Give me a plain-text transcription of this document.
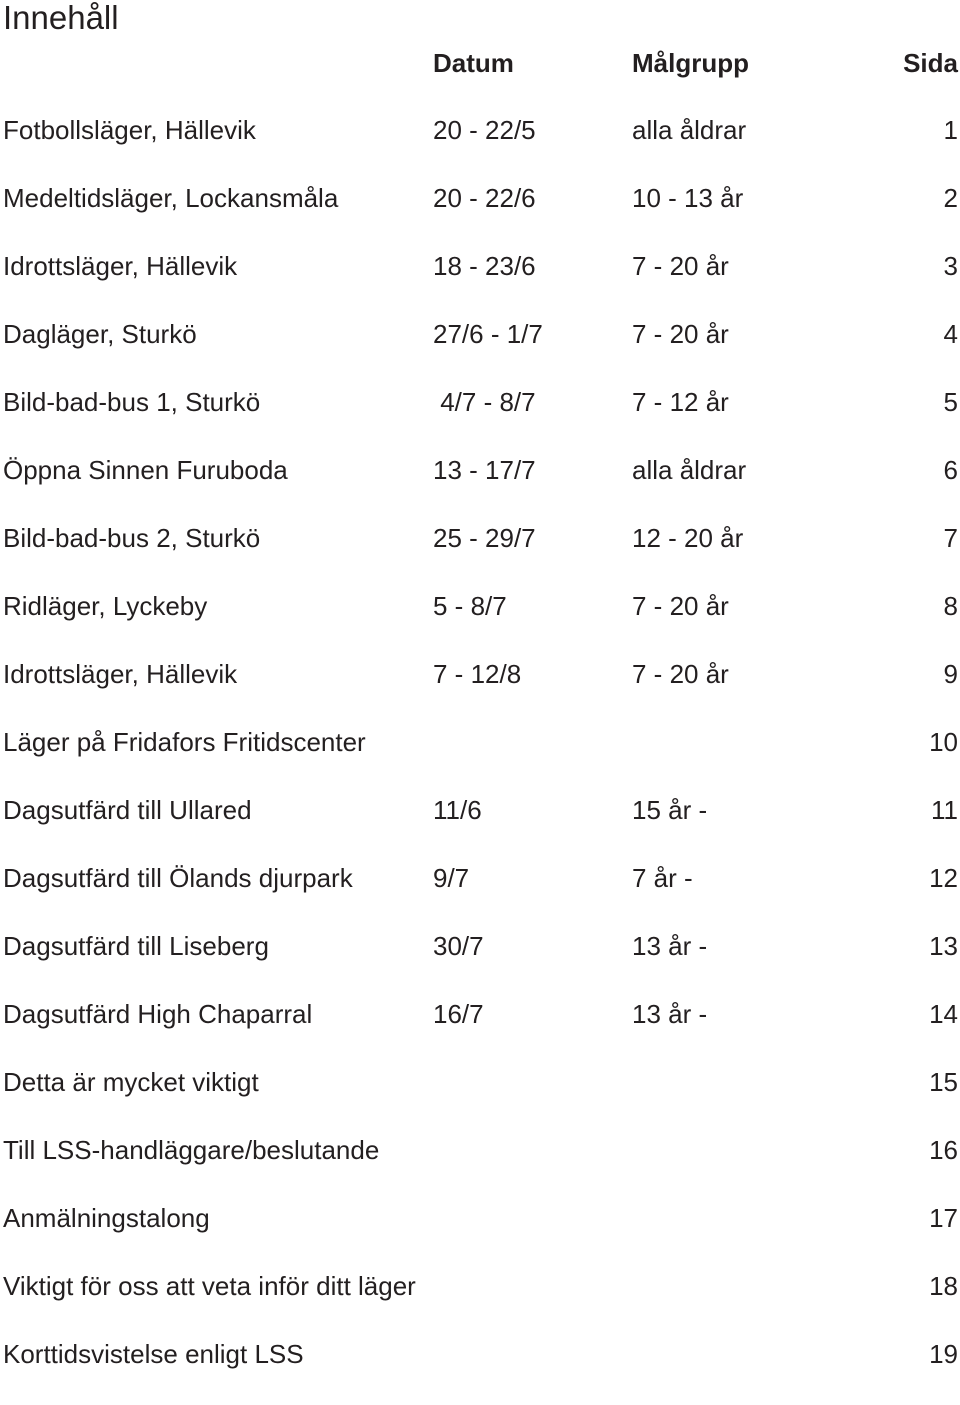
Innehåll
Datum	Målgrupp	Sida
Fotbollsläger, Hällevik	20 - 22/5	alla åldrar	1
Medeltidsläger, Lockansmåla	20 - 22/6	10 - 13 år	2
Idrottsläger, Hällevik	18 - 23/6	7 - 20 år	3
Dagläger, Sturkö	27/6 - 1/7	7 - 20 år	4
Bild-bad-bus 1, Sturkö	4/7 - 8/7	7 - 12 år	5
Öppna Sinnen Furuboda	13 - 17/7	alla åldrar	6
Bild-bad-bus 2, Sturkö	25 - 29/7	12 - 20 år	7
Ridläger, Lyckeby	5 - 8/7	7 - 20 år	8
Idrottsläger, Hällevik	7 - 12/8	7 - 20 år	9
Läger på Fridafors Fritidscenter	10
Dagsutfärd till Ullared	11/6	15 år -	11
Dagsutfärd till Ölands djurpark	9/7	7 år -	12
Dagsutfärd till Liseberg	30/7	13 år -	13
Dagsutfärd High Chaparral	16/7	13 år -	14
Detta är mycket viktigt	15
Till LSS-handläggare/beslutande	16
Anmälningstalong	17
Viktigt för oss att veta inför ditt läger	18
Korttidsvistelse enligt LSS	19
